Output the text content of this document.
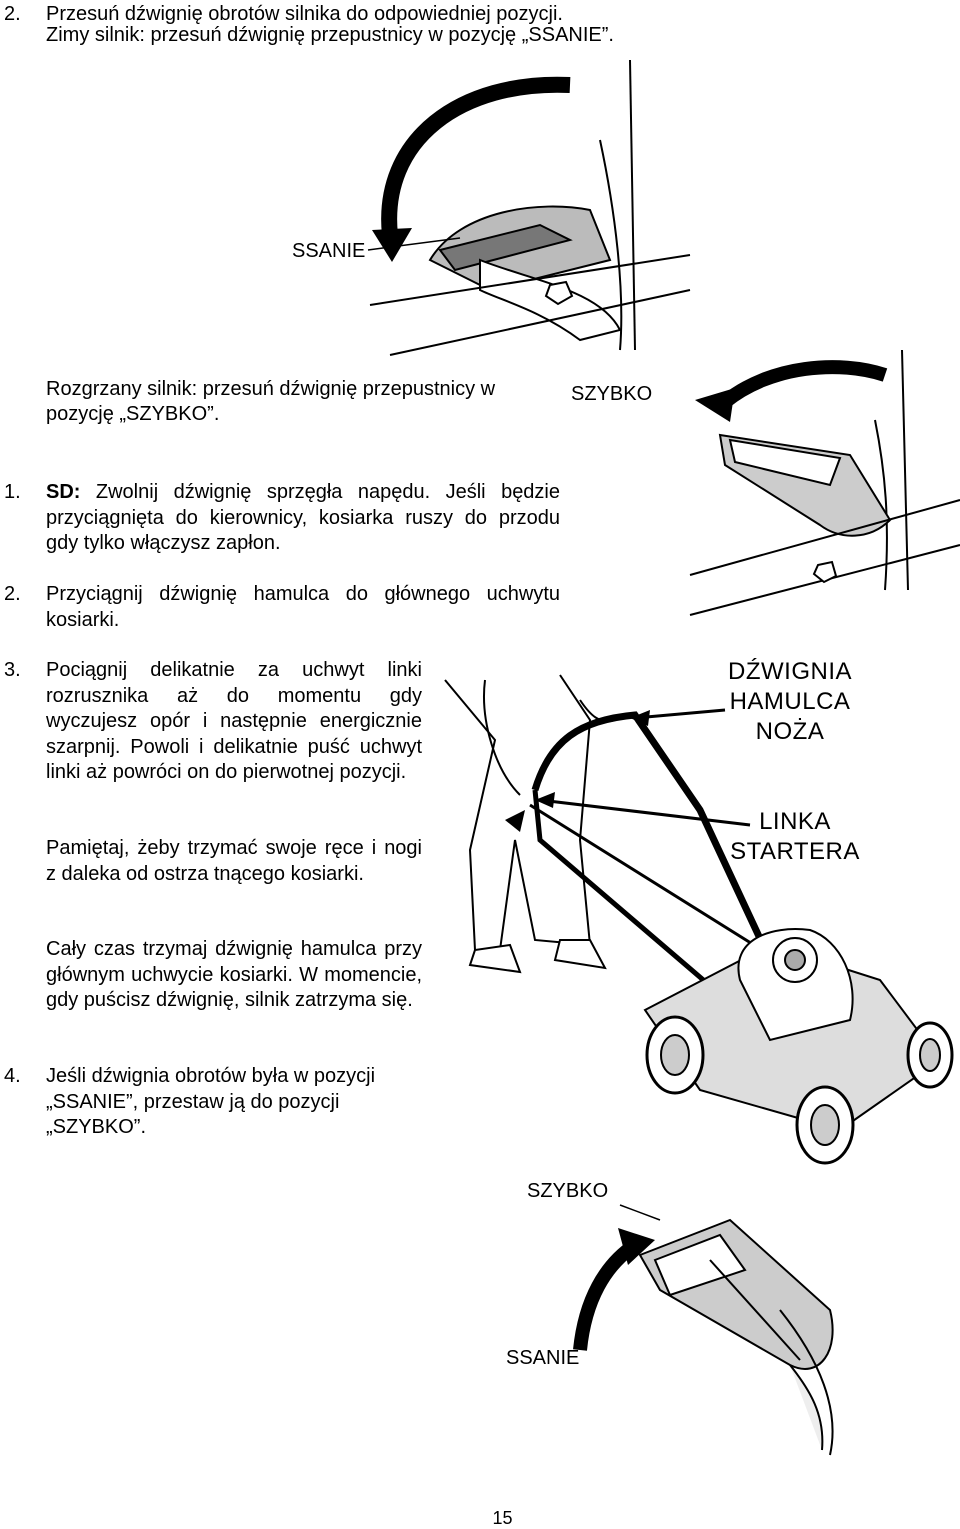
2. Przesuń dźwignię obrotów silnika do odpowiedniej pozycji.

Zimy silnik: przesuń dźwignię przepustnicy w pozycję „SSANIE”.

SSANIE

Rozgrzany silnik: przesuń dźwignię przepustnicy w

pozycję „SZYBKO”.

SZYBKO
1. SD: Zwolnij dźwignię sprzęgła napędu. Jeśli będzie przyciągnięta do kierownicy, kosiarka ruszy do przodu gdy tylko włączysz zapłon.

2. Przyciągnij dźwignię hamulca do głównego uchwytu kosiarki.

3. Pociągnij delikatnie za uchwyt linki rozrusznika aż do momentu gdy wyczujesz opór i następnie energicznie szarpnij. Powoli i delikatnie puść uchwyt linki aż powróci on do pierwotnej pozycji.

Pamiętaj, żeby trzymać swoje ręce i nogi z daleka od ostrza tnącego kosiarki.

Cały czas trzymaj dźwignię hamulca przy głównym uchwycie kosiarki. W momencie, gdy puścisz dźwignię, silnik zatrzyma się.

4. Jeśli dźwignia obrotów była w pozycji „SSANIE”, przestaw ją do pozycji „SZYBKO”.

DŹWIGNIA
HAMULCA
NOŻA
LINKA
STARTERA
SZYBKO
SSANIE
15
